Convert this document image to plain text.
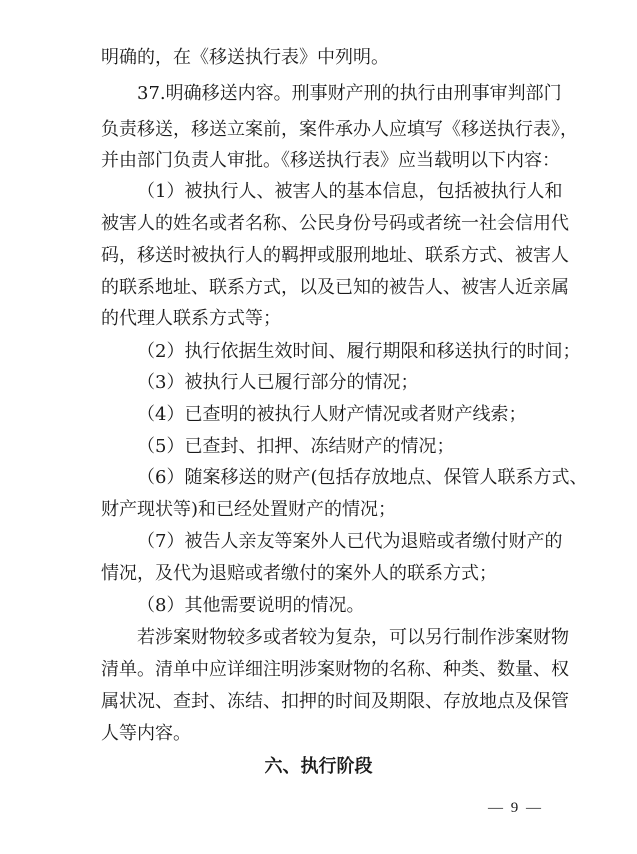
明确的，在《移送执行表》中列明。
37.明确移送内容。刑事财产刑的执行由刑事审判部门
负责移送，移送立案前，案件承办人应填写《移送执行表》，
并由部门负责人审批。《移送执行表》应当载明以下内容：
（1）被执行人、被害人的基本信息，包括被执行人和
被害人的姓名或者名称、公民身份号码或者统一社会信用代
码，移送时被执行人的羁押或服刑地址、联系方式、被害人
的联系地址、联系方式，以及已知的被告人、被害人近亲属
的代理人联系方式等；
（2）执行依据生效时间、履行期限和移送执行的时间；
（3）被执行人已履行部分的情况；
（4）已查明的被执行人财产情况或者财产线索；
（5）已查封、扣押、冻结财产的情况；
（6）随案移送的财产(包括存放地点、保管人联系方式、
财产现状等)和已经处置财产的情况；
（7）被告人亲友等案外人已代为退赔或者缴付财产的
情况，及代为退赔或者缴付的案外人的联系方式；
（8）其他需要说明的情况。
若涉案财物较多或者较为复杂，可以另行制作涉案财物
清单。清单中应详细注明涉案财物的名称、种类、数量、权
属状况、查封、冻结、扣押的时间及期限、存放地点及保管
人等内容。
六、执行阶段
— 9 —
